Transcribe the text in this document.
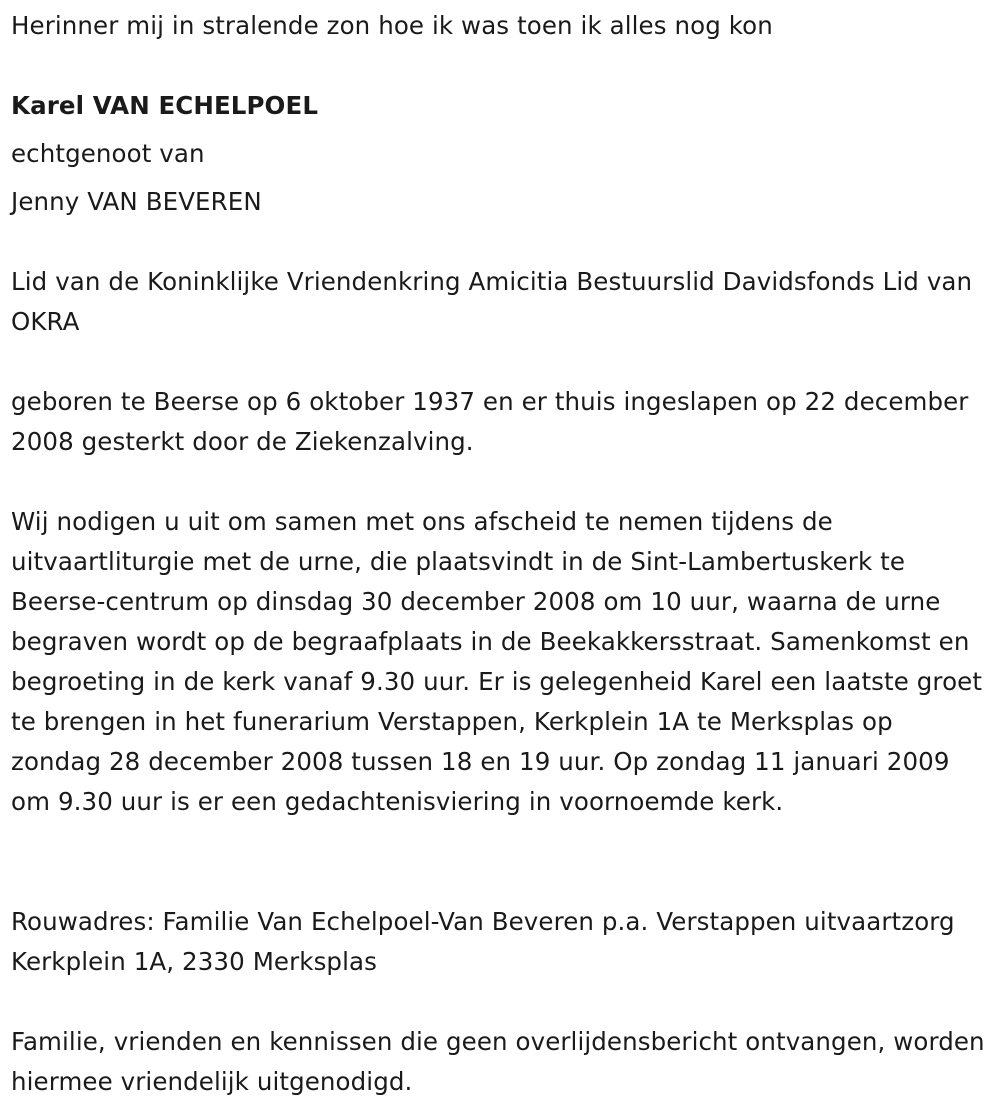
Herinner mij in stralende zon hoe ik was toen ik alles nog kon

Karel VAN ECHELPOEL

echtgenoot van

Jenny VAN BEVEREN

Lid van de Koninklijke Vriendenkring Amicitia Bestuurslid Davidsfonds Lid van OKRA

geboren te Beerse op 6 oktober 1937 en er thuis ingeslapen op 22 december 2008 gesterkt door de Ziekenzalving.

Wij nodigen u uit om samen met ons afscheid te nemen tijdens de uitvaartliturgie met de urne, die plaatsvindt in de Sint-Lambertuskerk te Beerse-centrum op dinsdag 30 december 2008 om 10 uur, waarna de urne begraven wordt op de begraafplaats in de Beekakkersstraat. Samenkomst en begroeting in de kerk vanaf 9.30 uur. Er is gelegenheid Karel een laatste groet te brengen in het funerarium Verstappen, Kerkplein 1A te Merksplas op zondag 28 december 2008 tussen 18 en 19 uur. Op zondag 11 januari 2009 om 9.30 uur is er een gedachtenisviering in voornoemde kerk.

Rouwadres: Familie Van Echelpoel-Van Beveren p.a. Verstappen uitvaartzorg Kerkplein 1A, 2330 Merksplas

Familie, vrienden en kennissen die geen overlijdensbericht ontvangen, worden hiermee vriendelijk uitgenodigd.
